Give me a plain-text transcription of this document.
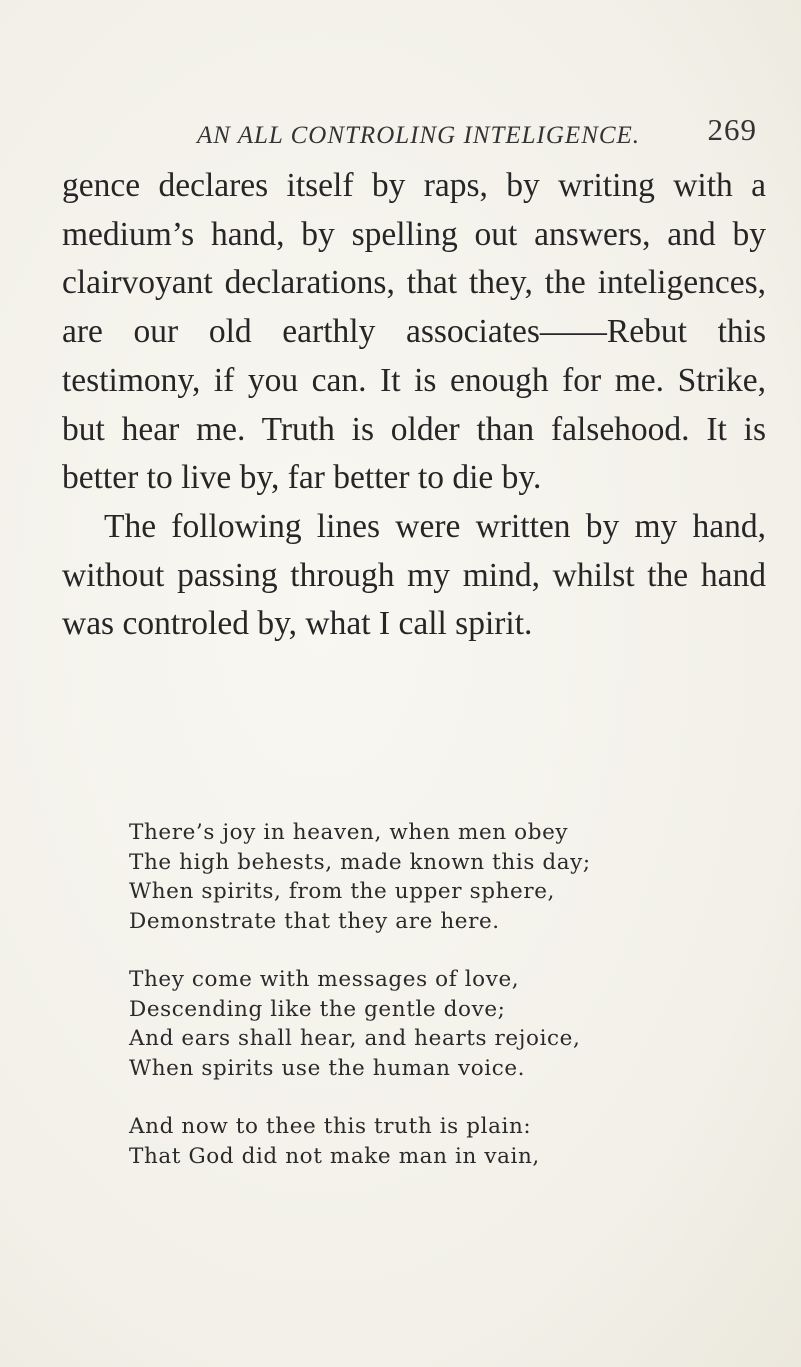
AN ALL CONTROLING INTELIGENCE. 269

gence declares itself by raps, by writing with a medium’s hand, by spelling out answers, and by clairvoyant declarations, that they, the inteligences, are our old earthly associates——Rebut this testimony, if you can. It is enough for me. Strike, but hear me. Truth is older than falsehood. It is better to live by, far better to die by.

The following lines were written by my hand, without passing through my mind, whilst the hand was controled by, what I call spirit.

There’s joy in heaven, when men obey
The high behests, made known this day;
When spirits, from the upper sphere,
Demonstrate that they are here.
They come with messages of love,
Descending like the gentle dove;
And ears shall hear, and hearts rejoice,
When spirits use the human voice.
And now to thee this truth is plain:
That God did not make man in vain,
